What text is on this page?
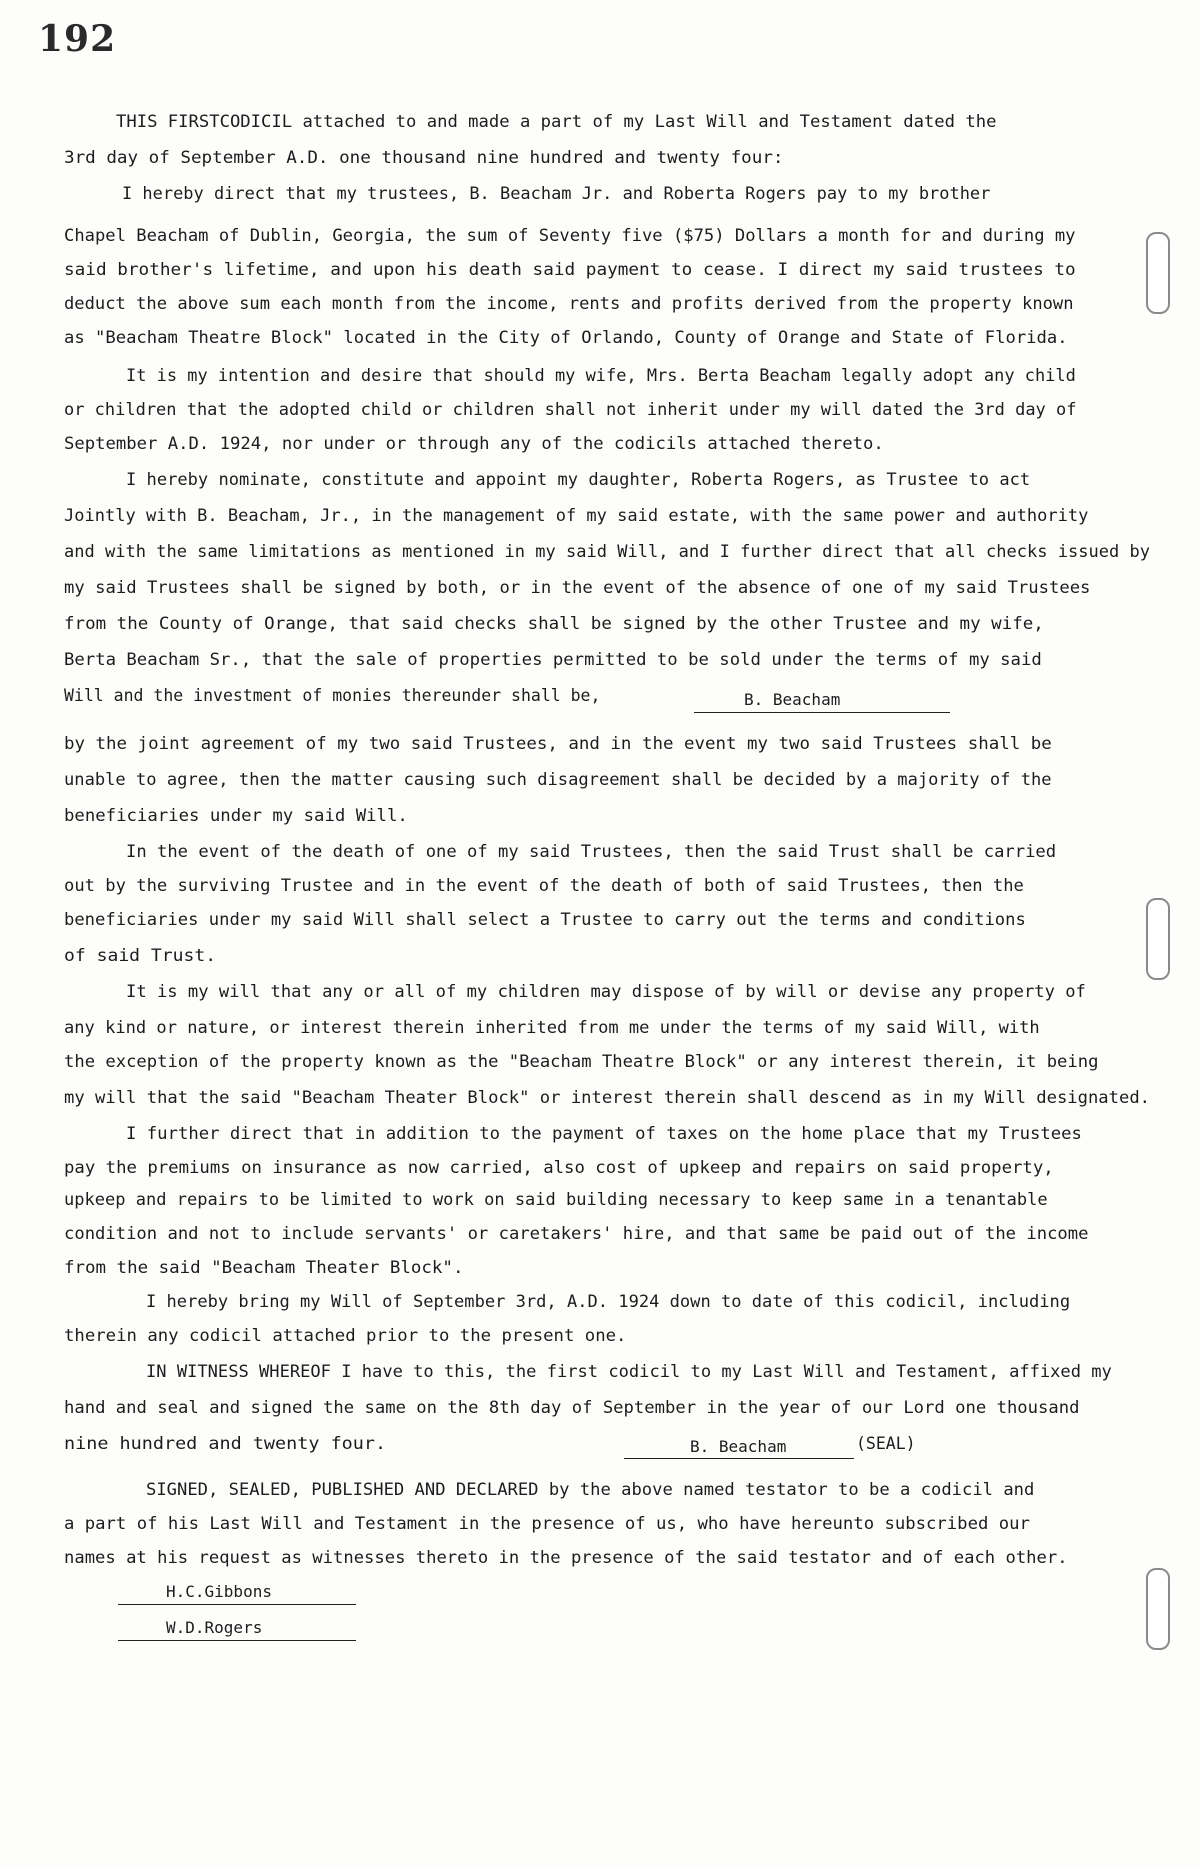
192
THIS FIRSTCODICIL attached to and made a part of my Last Will and Testament dated the
3rd day of September A.D. one thousand nine hundred and twenty four:
I hereby direct that my trustees, B. Beacham Jr. and Roberta Rogers pay to my brother
Chapel Beacham of Dublin, Georgia, the sum of Seventy five ($75) Dollars a month for and during my
said brother's lifetime, and upon his death said payment to cease. I direct my said trustees to
deduct the above sum each month from the income, rents and profits derived from the property known
as "Beacham Theatre Block" located in the City of Orlando, County of Orange and State of Florida.
It is my intention and desire that should my wife, Mrs. Berta Beacham legally adopt any child
or children that the adopted child or children shall not inherit under my will dated the 3rd day of
September A.D. 1924, nor under or through any of the codicils attached thereto.
I hereby nominate, constitute and appoint my daughter, Roberta Rogers, as Trustee to act
Jointly with B. Beacham, Jr., in the management of my said estate, with the same power and authority
and with the same limitations as mentioned in my said Will, and I further direct that all checks issued by
my said Trustees shall be signed by both, or in the event of the absence of one of my said Trustees
from the County of Orange, that said checks shall be signed by the other Trustee and my wife,
Berta Beacham Sr., that the sale of properties permitted to be sold under the terms of my said
Will and the investment of monies thereunder shall be,
by the joint agreement of my two said Trustees, and in the event my two said Trustees shall be
unable to agree, then the matter causing such disagreement shall be decided by a majority of the
beneficiaries under my said Will.
In the event of the death of one of my said Trustees, then the said Trust shall be carried
out by the surviving Trustee and in the event of the death of both of said Trustees, then the
beneficiaries under my said Will shall select a Trustee to carry out the terms and conditions
of said Trust.
It is my will that any or all of my children may dispose of by will or devise any property of
any kind or nature, or interest therein inherited from me under the terms of my said Will, with
the exception of the property known as the "Beacham Theatre Block" or any interest therein, it being
my will that the said "Beacham Theater Block" or interest therein shall descend as in my Will designated.
I further direct that in addition to the payment of taxes on the home place that my Trustees
pay the premiums on insurance as now carried, also cost of upkeep and repairs on said property,
upkeep and repairs to be limited to work on said building necessary to keep same in a tenantable
condition and not to include servants' or caretakers' hire, and that same be paid out of the income
from the said "Beacham Theater Block".
I hereby bring my Will of September 3rd, A.D. 1924 down to date of this codicil, including
therein any codicil attached prior to the present one.
IN WITNESS WHEREOF I have to this, the first codicil to my Last Will and Testament, affixed my
hand and seal and signed the same on the 8th day of September in the year of our Lord one thousand
nine hundred and twenty four.
SIGNED, SEALED, PUBLISHED AND DECLARED by the above named testator to be a codicil and
a part of his Last Will and Testament in the presence of us, who have hereunto subscribed our
names at his request as witnesses thereto in the presence of the said testator and of each other.
B. Beacham
B. Beacham	(SEAL)
H.C.Gibbons
W.D.Rogers
